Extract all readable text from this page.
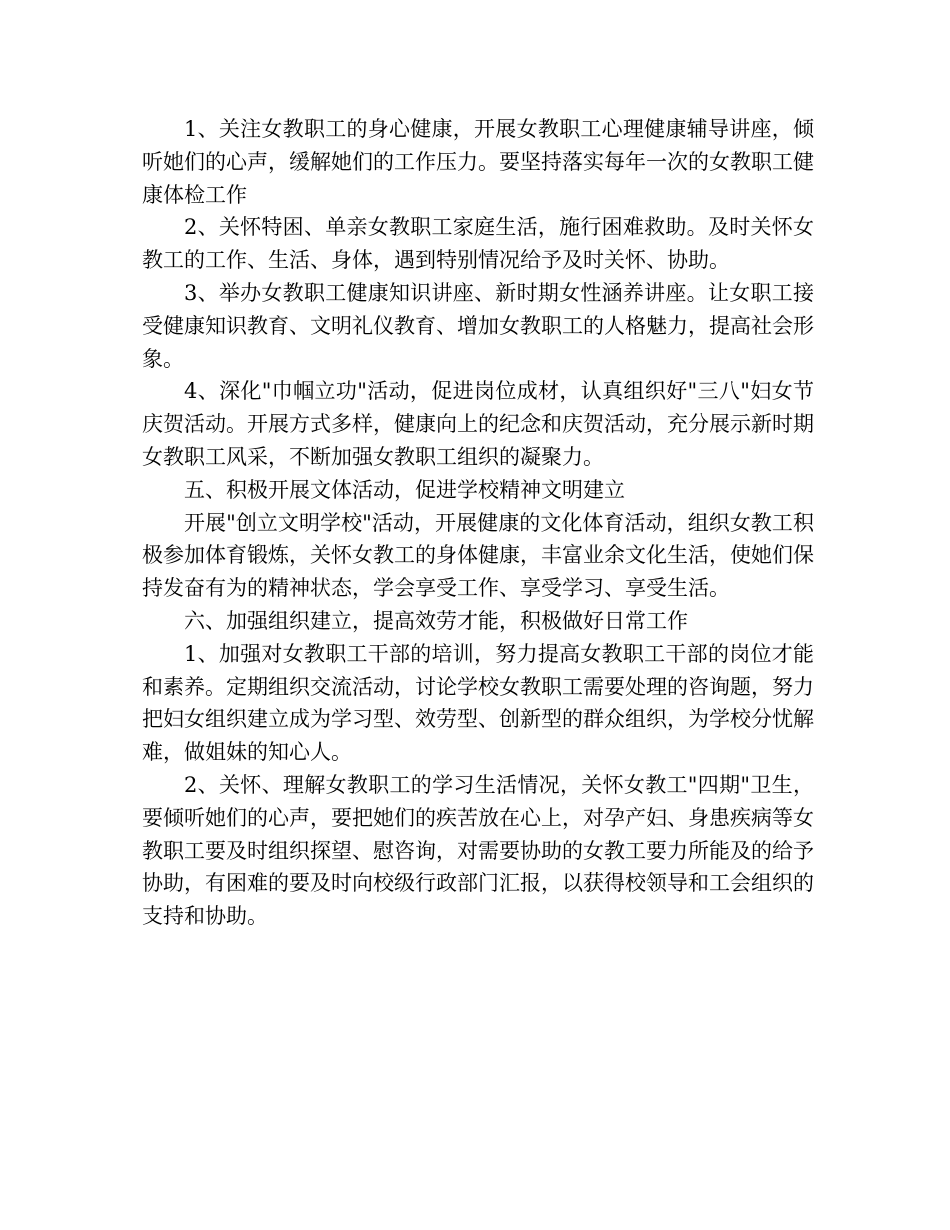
1、关注女教职工的身心健康，开展女教职工心理健康辅导讲座，倾听她们的心声，缓解她们的工作压力。要坚持落实每年一次的女教职工健康体检工作

2、关怀特困、单亲女教职工家庭生活，施行困难救助。及时关怀女教工的工作、生活、身体，遇到特别情况给予及时关怀、协助。

3、举办女教职工健康知识讲座、新时期女性涵养讲座。让女职工接受健康知识教育、文明礼仪教育、增加女教职工的人格魅力，提高社会形象。

4、深化"巾帼立功"活动，促进岗位成材，认真组织好"三八"妇女节庆贺活动。开展方式多样，健康向上的纪念和庆贺活动，充分展示新时期女教职工风采，不断加强女教职工组织的凝聚力。

五、积极开展文体活动，促进学校精神文明建立

开展"创立文明学校"活动，开展健康的文化体育活动，组织女教工积极参加体育锻炼，关怀女教工的身体健康，丰富业余文化生活，使她们保持发奋有为的精神状态，学会享受工作、享受学习、享受生活。

六、加强组织建立，提高效劳才能，积极做好日常工作

1、加强对女教职工干部的培训，努力提高女教职工干部的岗位才能和素养。定期组织交流活动，讨论学校女教职工需要处理的咨询题，努力把妇女组织建立成为学习型、效劳型、创新型的群众组织，为学校分忧解难，做姐妹的知心人。

2、关怀、理解女教职工的学习生活情况，关怀女教工"四期"卫生，要倾听她们的心声，要把她们的疾苦放在心上，对孕产妇、身患疾病等女教职工要及时组织探望、慰咨询，对需要协助的女教工要力所能及的给予协助，有困难的要及时向校级行政部门汇报，以获得校领导和工会组织的支持和协助。
